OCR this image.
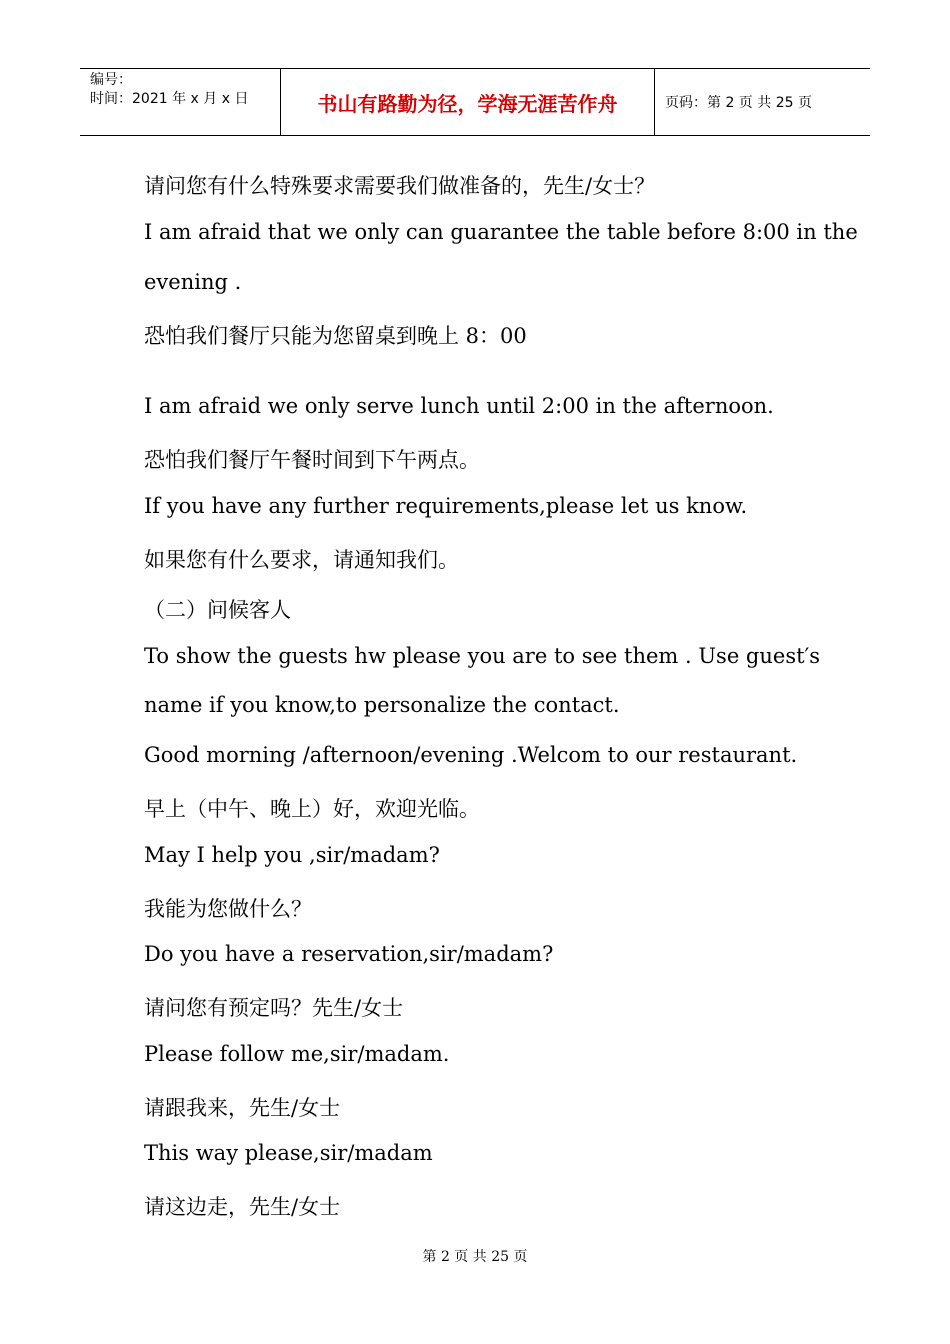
编号：
时间：2021 年 x 月 x 日	书山有路勤为径，学海无涯苦作舟	页码：第 2 页 共 25 页
请问您有什么特殊要求需要我们做准备的，先生/女士？
I am afraid that we only can guarantee the table before 8:00 in the
evening .
恐怕我们餐厅只能为您留桌到晚上 8：00
I am afraid we only serve lunch until 2:00 in the afternoon.
恐怕我们餐厅午餐时间到下午两点。
If you have any further requirements,please let us know.
如果您有什么要求，请通知我们。
（二）问候客人
To show the guests hw please you are to see them . Use guest′s
name if you know,to personalize the contact.
Good morning /afternoon/evening .Welcom to our restaurant.
早上（中午、晚上）好，欢迎光临。
May I help you ,sir/madam?
我能为您做什么？
Do you have a reservation,sir/madam?
请问您有预定吗？先生/女士
Please follow me,sir/madam.
请跟我来，先生/女士
This way please,sir/madam
请这边走，先生/女士
第 2 页 共 25 页
